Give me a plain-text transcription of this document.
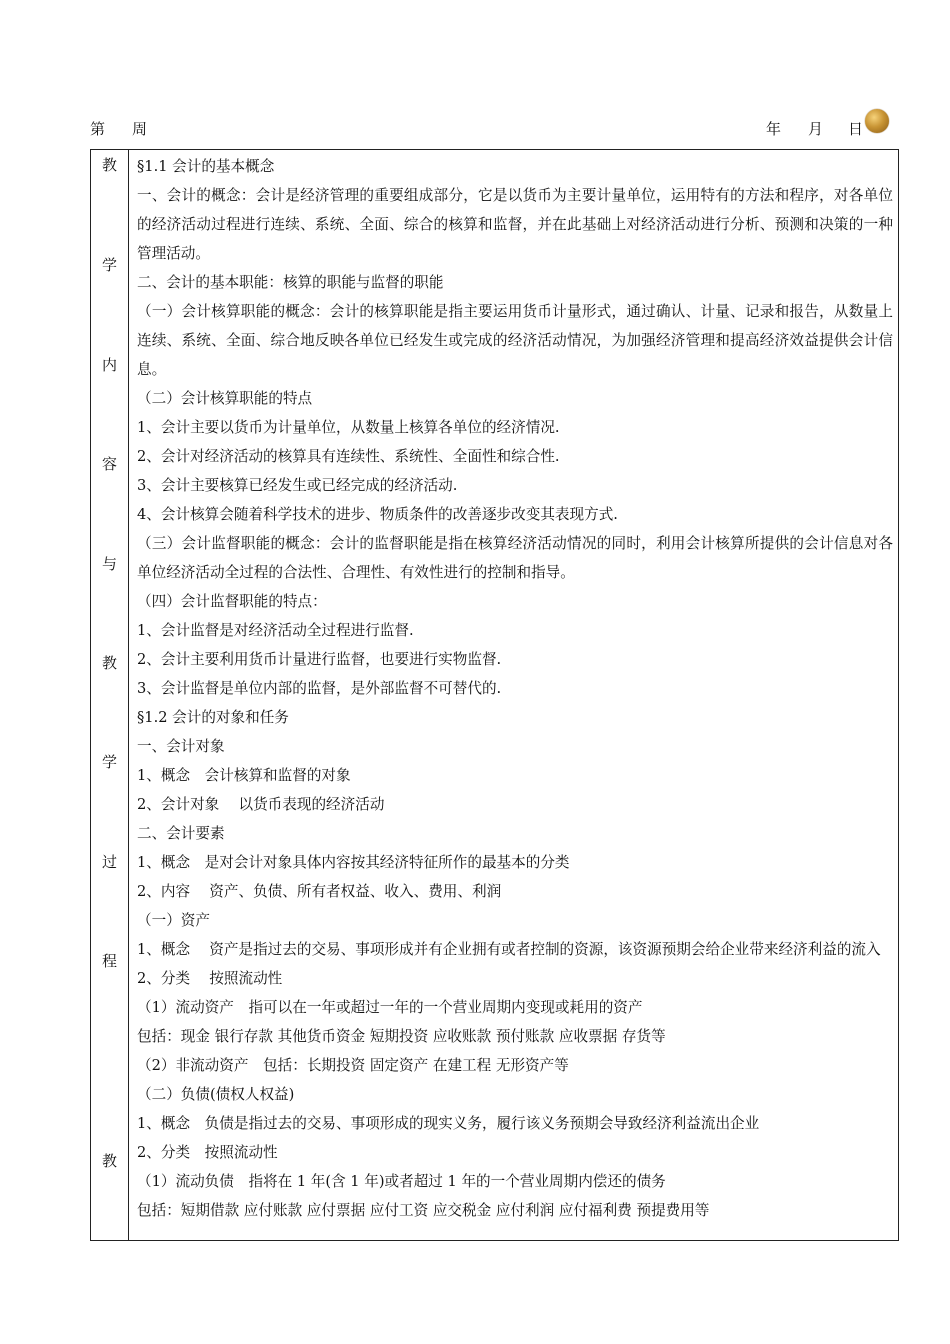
第 周	年 月 日
教
学
内
容
与
教
学
过
程
教
§1.1 会计的基本概念
一、会计的概念：会计是经济管理的重要组成部分，它是以货币为主要计量单位，运用特有的方法和程序，对各单位的经济活动过程进行连续、系统、全面、综合的核算和监督，并在此基础上对经济活动进行分析、预测和决策的一种管理活动。
二、会计的基本职能：核算的职能与监督的职能
（一）会计核算职能的概念：会计的核算职能是指主要运用货币计量形式，通过确认、计量、记录和报告，从数量上连续、系统、全面、综合地反映各单位已经发生或完成的经济活动情况，为加强经济管理和提高经济效益提供会计信息。
（二）会计核算职能的特点
1、会计主要以货币为计量单位，从数量上核算各单位的经济情况.
2、会计对经济活动的核算具有连续性、系统性、全面性和综合性.
3、会计主要核算已经发生或已经完成的经济活动.
4、会计核算会随着科学技术的进步、物质条件的改善逐步改变其表现方式.
（三）会计监督职能的概念：会计的监督职能是指在核算经济活动情况的同时，利用会计核算所提供的会计信息对各单位经济活动全过程的合法性、合理性、有效性进行的控制和指导。
（四）会计监督职能的特点：
1、会计监督是对经济活动全过程进行监督.
2、会计主要利用货币计量进行监督，也要进行实物监督.
3、会计监督是单位内部的监督，是外部监督不可替代的.
§1.2 会计的对象和任务
一、会计对象
1、概念　会计核算和监督的对象
2、会计对象　 以货币表现的经济活动
二、会计要素
1、概念　是对会计对象具体内容按其经济特征所作的最基本的分类
2、内容　 资产、负债、所有者权益、收入、费用、利润
（一）资产
1、概念　 资产是指过去的交易、事项形成并有企业拥有或者控制的资源，该资源预期会给企业带来经济利益的流入
2、分类　 按照流动性
（1）流动资产　指可以在一年或超过一年的一个营业周期内变现或耗用的资产
包括：现金 银行存款 其他货币资金 短期投资 应收账款 预付账款 应收票据 存货等
（2）非流动资产　包括：长期投资 固定资产 在建工程 无形资产等
（二）负债(债权人权益)
1、概念　负债是指过去的交易、事项形成的现实义务，履行该义务预期会导致经济利益流出企业
2、分类　按照流动性
（1）流动负债　指将在 1 年(含 1 年)或者超过 1 年的一个营业周期内偿还的债务
包括：短期借款 应付账款 应付票据 应付工资 应交税金 应付利润 应付福利费 预提费用等
